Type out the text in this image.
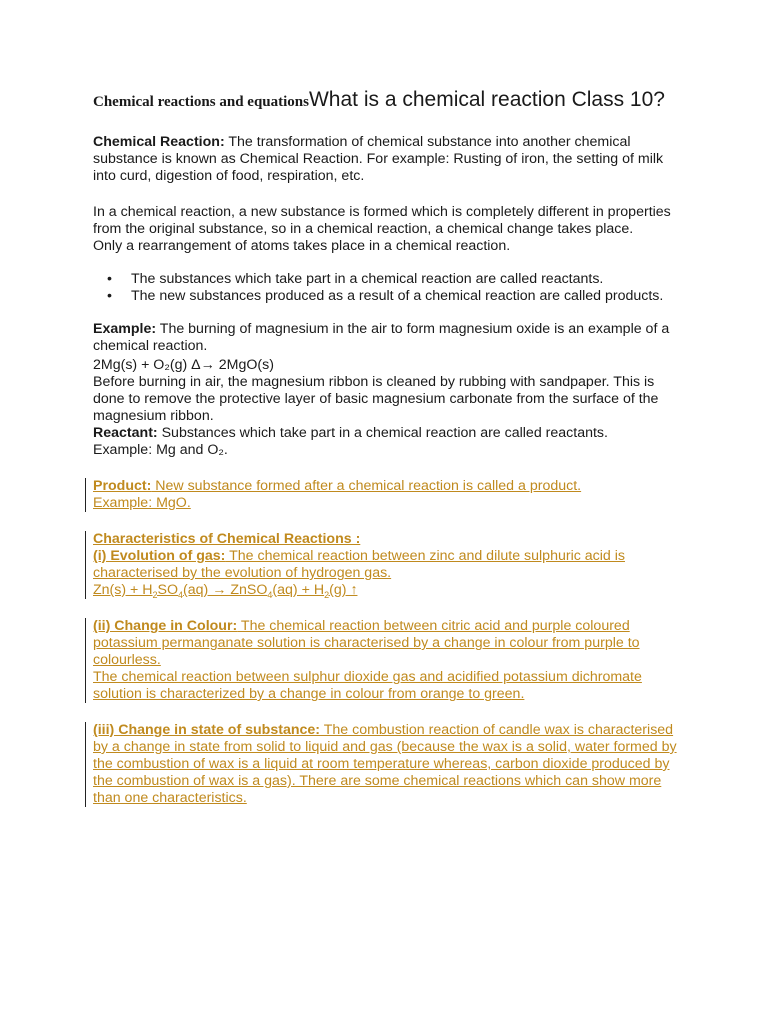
Chemical reactions and equationsWhat is a chemical reaction Class 10?

Chemical Reaction: The transformation of chemical substance into another chemical substance is known as Chemical Reaction. For example: Rusting of iron, the setting of milk into curd, digestion of food, respiration, etc.

In a chemical reaction, a new substance is formed which is completely different in properties from the original substance, so in a chemical reaction, a chemical change takes place.

Only a rearrangement of atoms takes place in a chemical reaction.

• The substances which take part in a chemical reaction are called reactants.
• The new substances produced as a result of a chemical reaction are called products.

Example: The burning of magnesium in the air to form magnesium oxide is an example of a chemical reaction.

2Mg(s) + O₂(g) Δ→ 2MgO(s)

Before burning in air, the magnesium ribbon is cleaned by rubbing with sandpaper. This is done to remove the protective layer of basic magnesium carbonate from the surface of the magnesium ribbon.

Reactant: Substances which take part in a chemical reaction are called reactants.

Example: Mg and O₂.

Product: New substance formed after a chemical reaction is called a product.

Example: MgO.

Characteristics of Chemical Reactions :

(i) Evolution of gas: The chemical reaction between zinc and dilute sulphuric acid is characterised by the evolution of hydrogen gas.

$Zn(s) + H_2SO_4(aq)$ → ZnSO$_4$(aq) + $H_2(g)$ ↑

(ii) Change in Colour: The chemical reaction between citric acid and purple coloured potassium permanganate solution is characterised by a change in colour from purple to colourless.

The chemical reaction between sulphur dioxide gas and acidified potassium dichromate solution is characterized by a change in colour from orange to green.

(iii) Change in state of substance: The combustion reaction of candle wax is characterised by a change in state from solid to liquid and gas (because the wax is a solid, water formed by the combustion of wax is a liquid at room temperature whereas, carbon dioxide produced by the combustion of wax is a gas). There are some chemical reactions which can show more than one characteristics.
